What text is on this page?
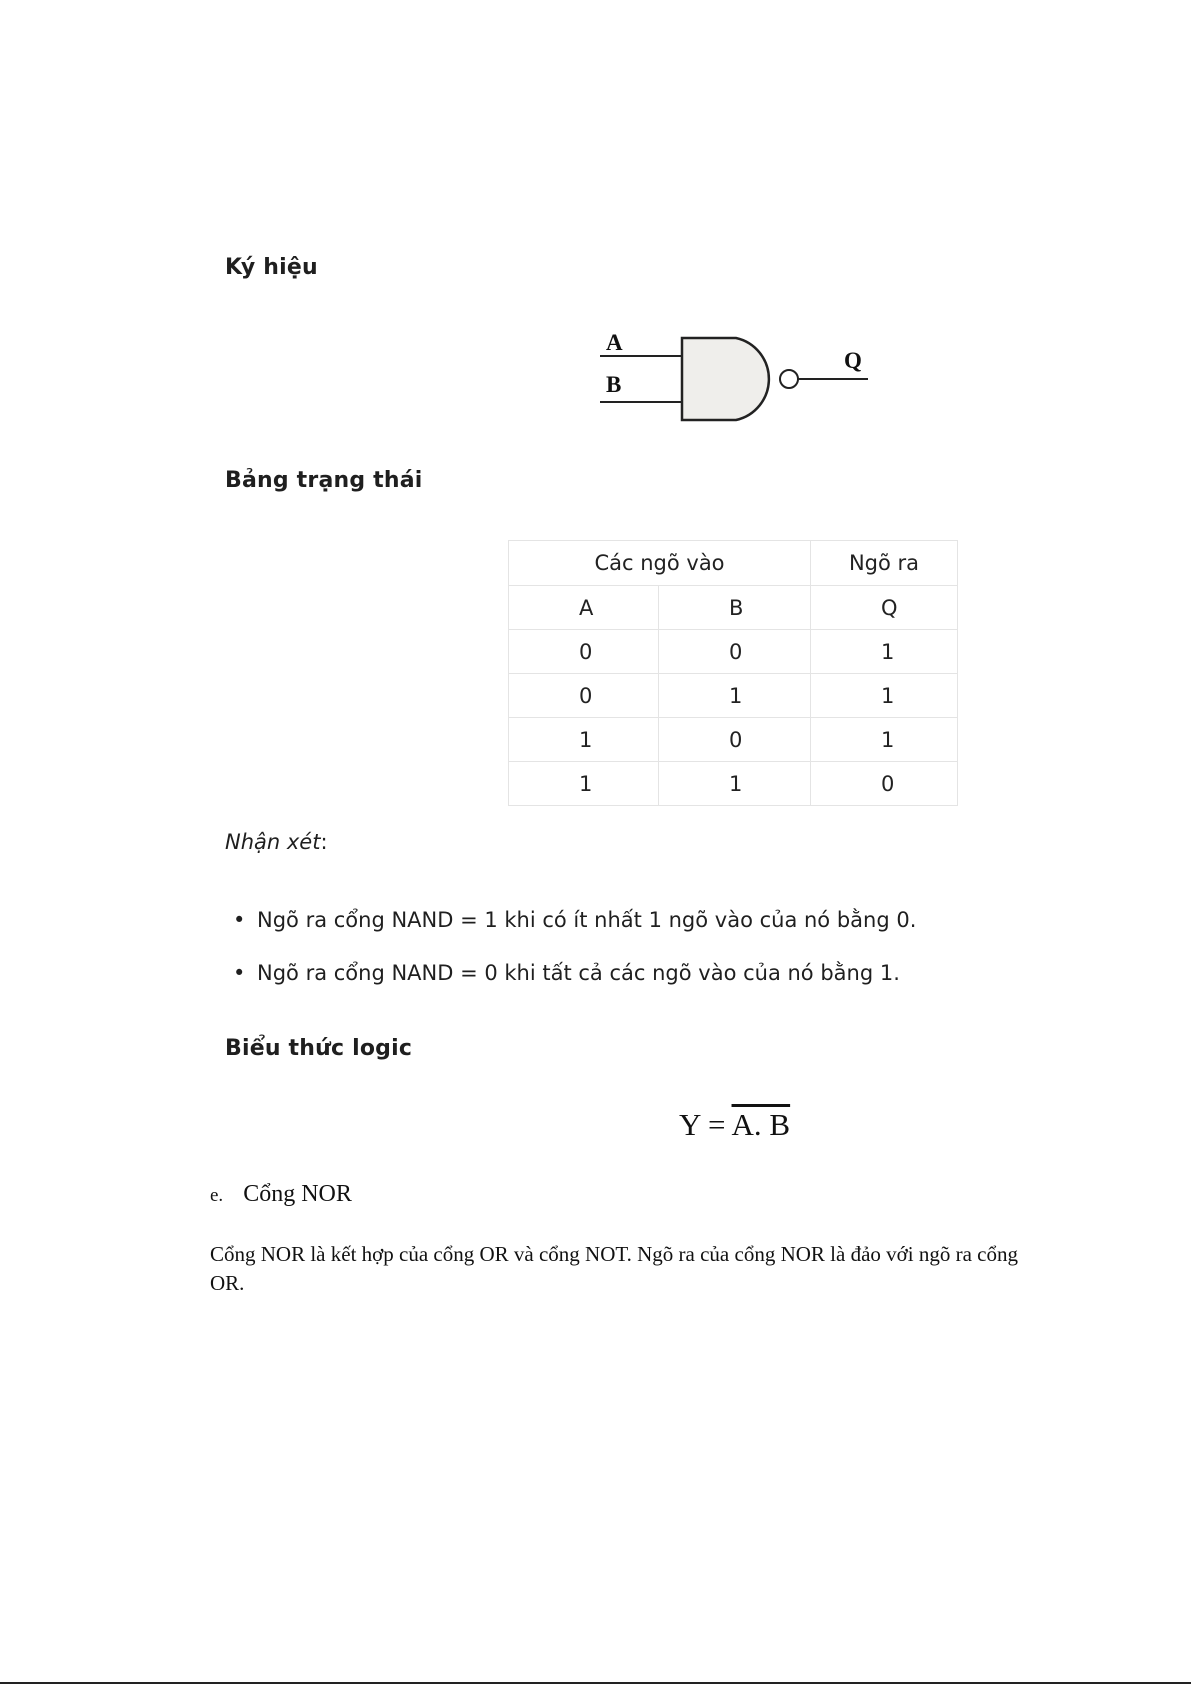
Ký hiệu
A
B
Q
Bảng trạng thái
Các ngõ vào		Ngõ ra
A	B	Q
0	0	1
0	1	1
1	0	1
1	1	0
Nhận xét:
• Ngõ ra cổng NAND = 1 khi có ít nhất 1 ngõ vào của nó bằng 0.
• Ngõ ra cổng NAND = 0 khi tất cả các ngõ vào của nó bằng 1.
Biểu thức logic
Y = A. B
e. Cổng NOR
Cổng NOR là kết hợp của cổng OR và cổng NOT. Ngõ ra của cổng NOR là đảo với ngõ ra cổng OR.
